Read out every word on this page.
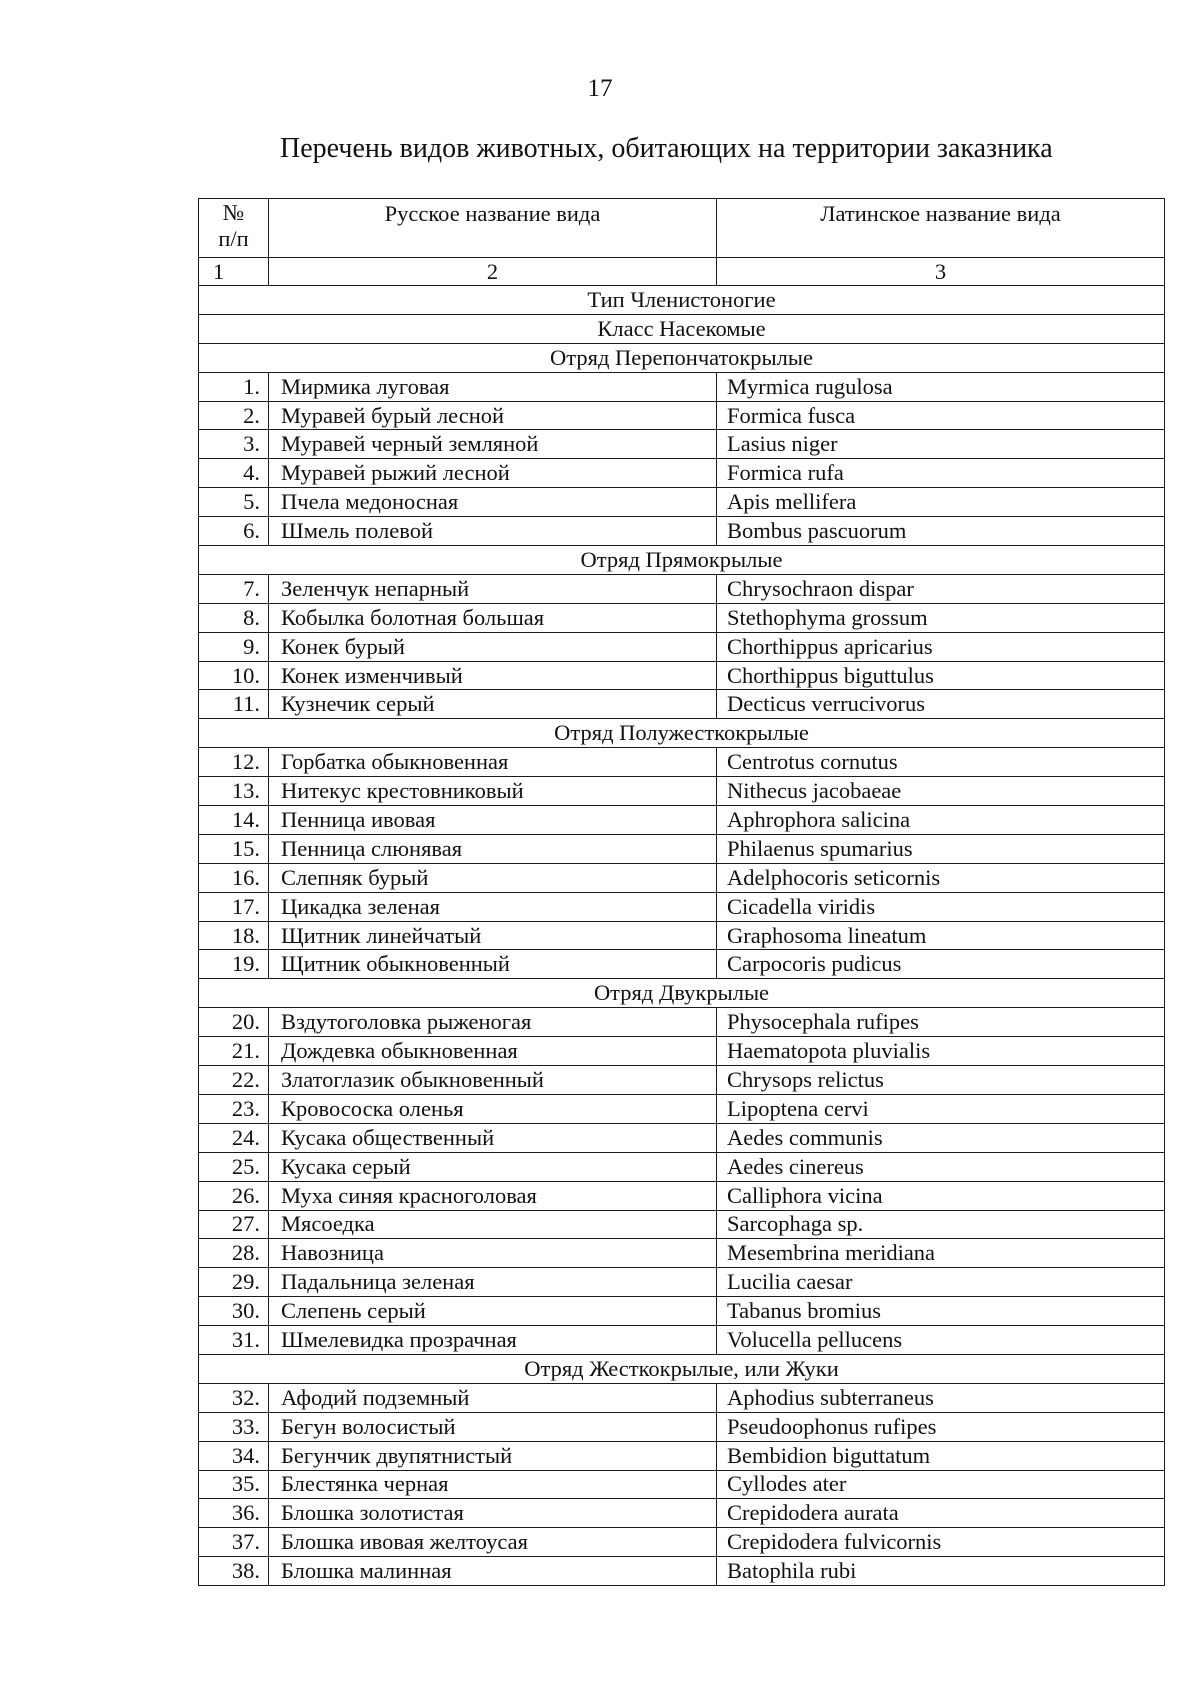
17
Перечень видов животных, обитающих на территории заказника
№
п/п	Русское название вида	Латинское название вида
1	2	3
Тип Членистоногие		
Класс Насекомые		
Отряд Перепончатокрылые		
1.	Мирмика луговая	Myrmica rugulosa
2.	Муравей бурый лесной	Formica fusca
3.	Муравей черный земляной	Lasius niger
4.	Муравей рыжий лесной	Formica rufa
5.	Пчела медоносная	Apis mellifera
6.	Шмель полевой	Bombus pascuorum
Отряд Прямокрылые		
7.	Зеленчук непарный	Chrysochraon dispar
8.	Кобылка болотная большая	Stethophyma grossum
9.	Конек бурый	Chorthippus apricarius
10.	Конек изменчивый	Chorthippus biguttulus
11.	Кузнечик серый	Decticus verrucivorus
Отряд Полужесткокрылые		
12.	Горбатка обыкновенная	Centrotus cornutus
13.	Нитекус крестовниковый	Nithecus jacobaeae
14.	Пенница ивовая	Aphrophora salicina
15.	Пенница слюнявая	Philaenus spumarius
16.	Слепняк бурый	Adelphocoris seticornis
17.	Цикадка зеленая	Cicadella viridis
18.	Щитник линейчатый	Graphosoma lineatum
19.	Щитник обыкновенный	Carpocoris pudicus
Отряд Двукрылые		
20.	Вздутоголовка рыженогая	Physocephala rufipes
21.	Дождевка обыкновенная	Haematopota pluvialis
22.	Златоглазик обыкновенный	Chrysops relictus
23.	Кровососка оленья	Lipoptena cervi
24.	Кусака общественный	Aedes communis
25.	Кусака серый	Aedes cinereus
26.	Муха синяя красноголовая	Calliphora vicina
27.	Мясоедка	Sarcophaga sp.
28.	Навозница	Mesembrina meridiana
29.	Падальница зеленая	Lucilia caesar
30.	Слепень серый	Tabanus bromius
31.	Шмелевидка прозрачная	Volucella pellucens
Отряд Жесткокрылые, или Жуки		
32.	Афодий подземный	Aphodius subterraneus
33.	Бегун волосистый	Pseudoophonus rufipes
34.	Бегунчик двупятнистый	Bembidion biguttatum
35.	Блестянка черная	Cyllodes ater
36.	Блошка золотистая	Crepidodera aurata
37.	Блошка ивовая желтоусая	Crepidodera fulvicornis
38.	Блошка малинная	Batophila rubi
